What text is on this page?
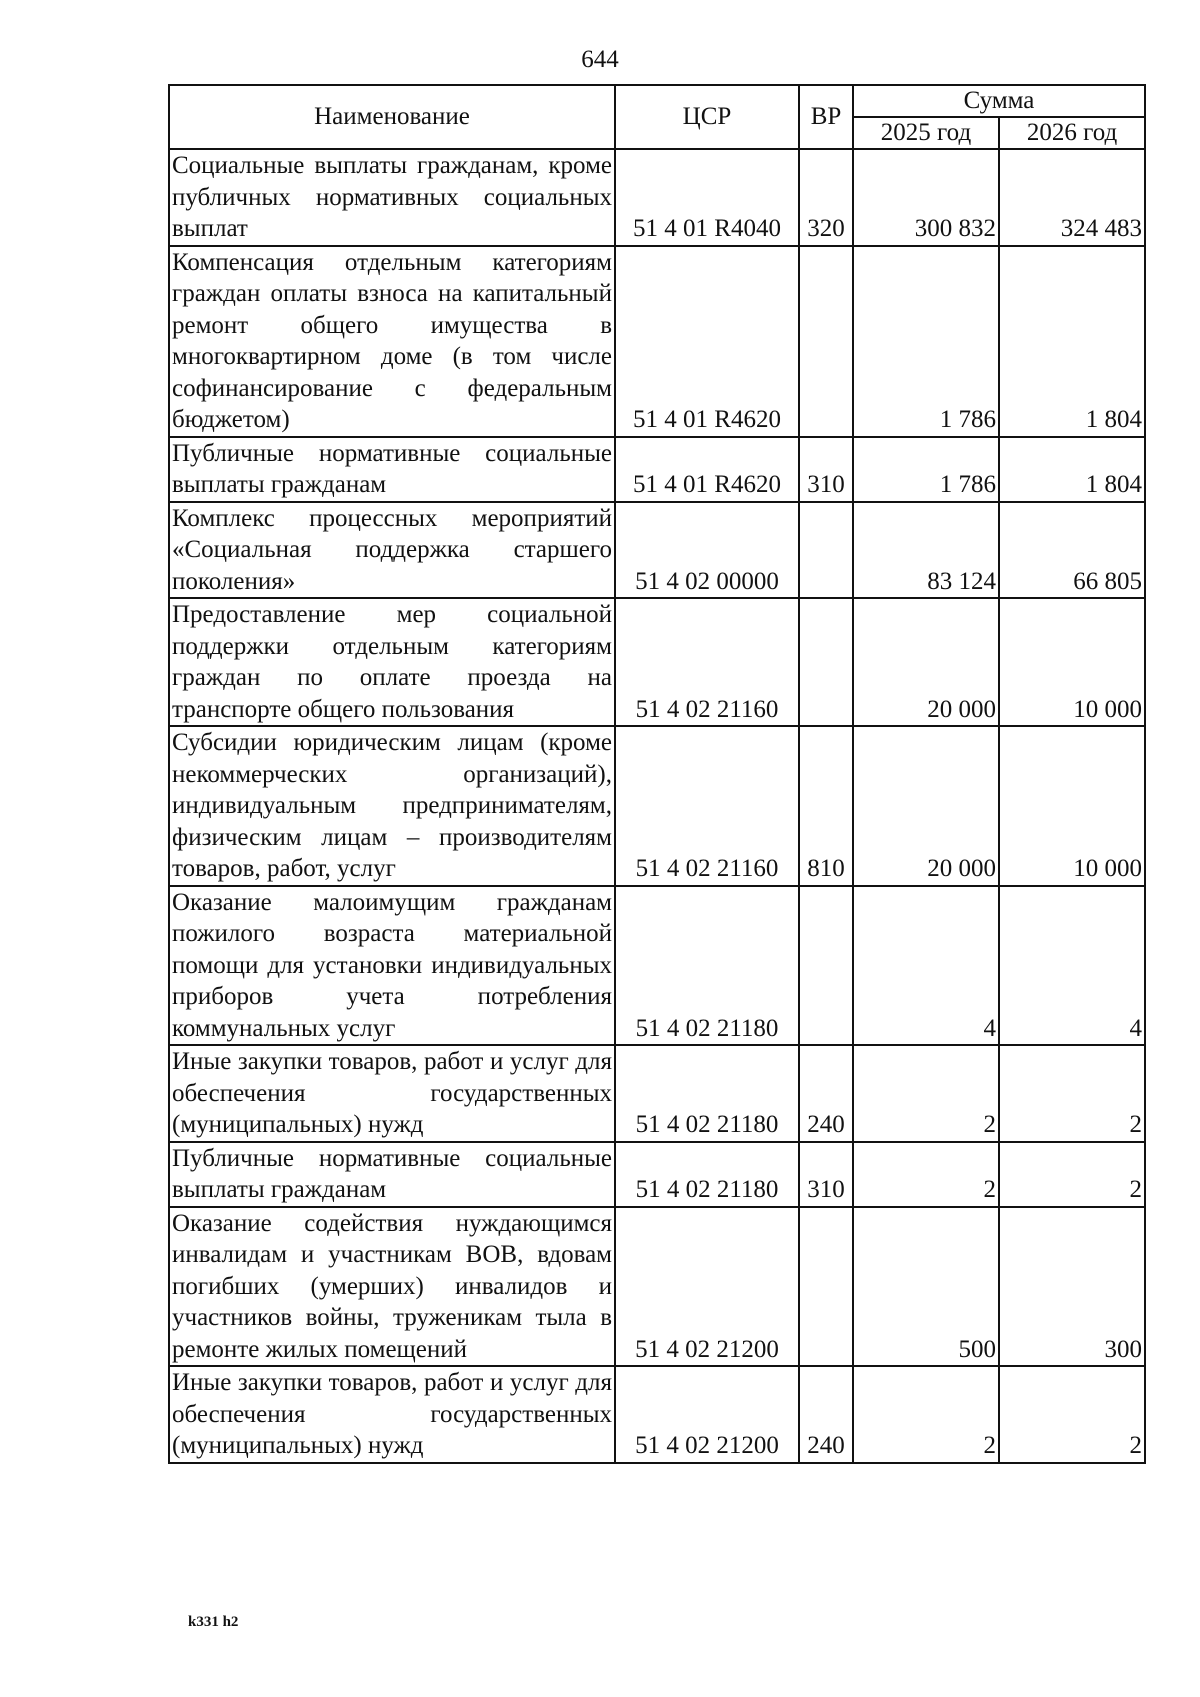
644
Наименование	ЦСР	ВР	Сумма	
			2025 год	2026 год
Социальные выплаты гражданам, кроме публичных нормативных социальных выплат	51 4 01 R4040	320	300 832	324 483
Компенсация отдельным категориям граждан оплаты взноса на капитальный ремонт общего имущества в многоквартирном доме (в том числе софинансирование с федеральным бюджетом)	51 4 01 R4620		1 786	1 804
Публичные нормативные социальные выплаты гражданам	51 4 01 R4620	310	1 786	1 804
Комплекс процессных мероприятий «Социальная поддержка старшего поколения»	51 4 02 00000		83 124	66 805
Предоставление мер социальной поддержки отдельным категориям граждан по оплате проезда на транспорте общего пользования	51 4 02 21160		20 000	10 000
Субсидии юридическим лицам (кроме некоммерческих организаций), индивидуальным предпринимателям, физическим лицам – производителям товаров, работ, услуг	51 4 02 21160	810	20 000	10 000
Оказание малоимущим гражданам пожилого возраста материальной помощи для установки индивидуальных приборов учета потребления коммунальных услуг	51 4 02 21180		4	4
Иные закупки товаров, работ и услуг для обеспечения государственных (муниципальных) нужд	51 4 02 21180	240	2	2
Публичные нормативные социальные выплаты гражданам	51 4 02 21180	310	2	2
Оказание содействия нуждающимся инвалидам и участникам ВОВ, вдовам погибших (умерших) инвалидов и участников войны, труженикам тыла в ремонте жилых помещений	51 4 02 21200		500	300
Иные закупки товаров, работ и услуг для обеспечения государственных (муниципальных) нужд	51 4 02 21200	240	2	2
k331 h2
